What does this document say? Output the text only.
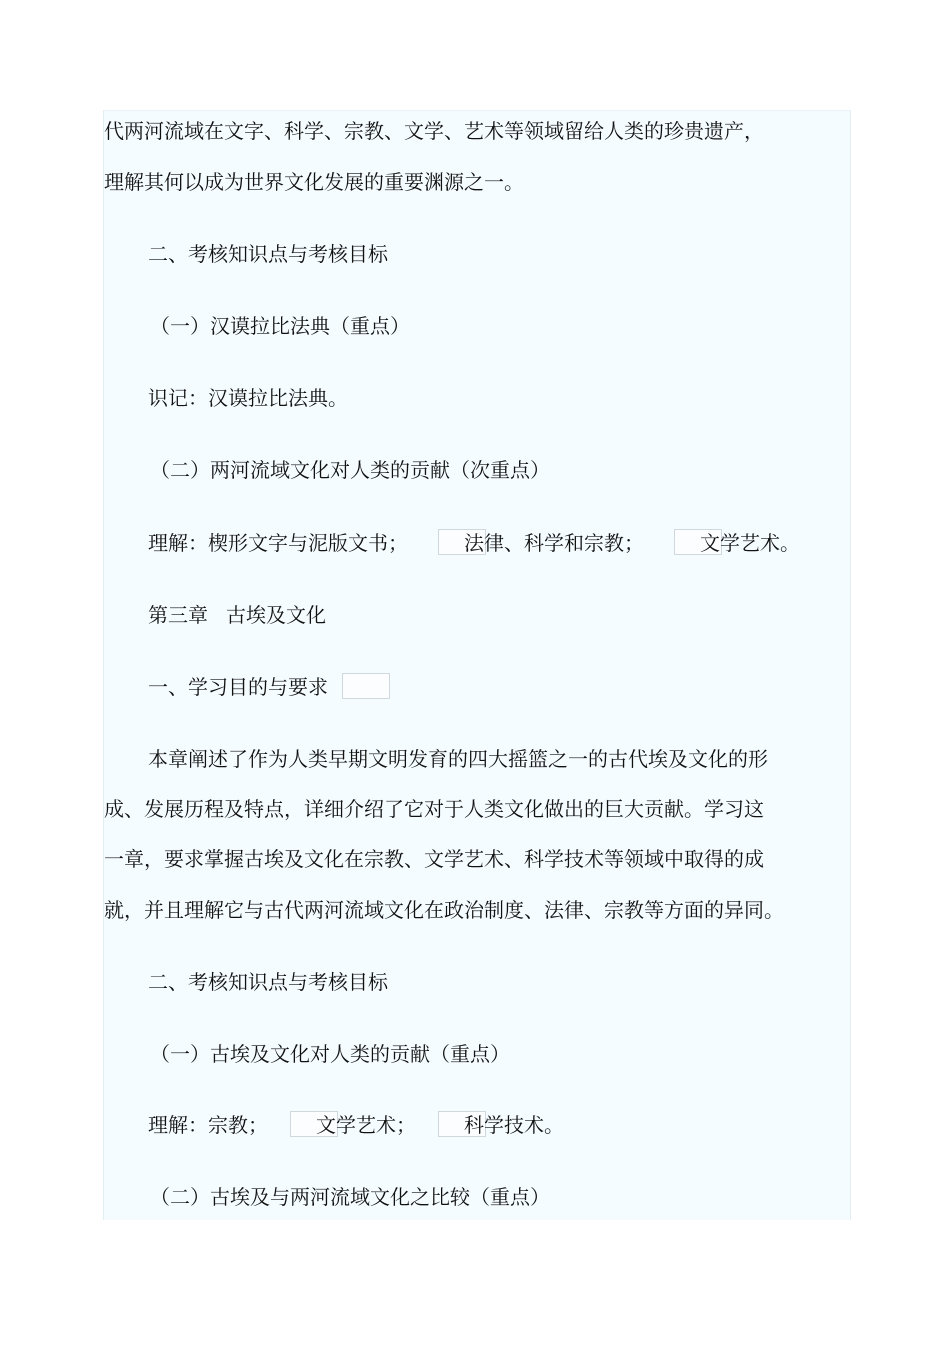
代两河流域在文字、科学、宗教、文学、艺术等领域留给人类的珍贵遗产，
理解其何以成为世界文化发展的重要渊源之一。
二、考核知识点与考核目标
（一）汉谟拉比法典（重点）
识记：汉谟拉比法典。
（二）两河流域文化对人类的贡献（次重点）
理解：楔形文字与泥版文书；	法律、科学和宗教；	文学艺术。
第三章 古埃及文化
一、学习目的与要求
本章阐述了作为人类早期文明发育的四大摇篮之一的古代埃及文化的形
成、发展历程及特点，详细介绍了它对于人类文化做出的巨大贡献。学习这
一章，要求掌握古埃及文化在宗教、文学艺术、科学技术等领域中取得的成
就，并且理解它与古代两河流域文化在政治制度、法律、宗教等方面的异同。
二、考核知识点与考核目标
（一）古埃及文化对人类的贡献（重点）
理解：宗教； 文学艺术； 科学技术。
（二）古埃及与两河流域文化之比较（重点）
